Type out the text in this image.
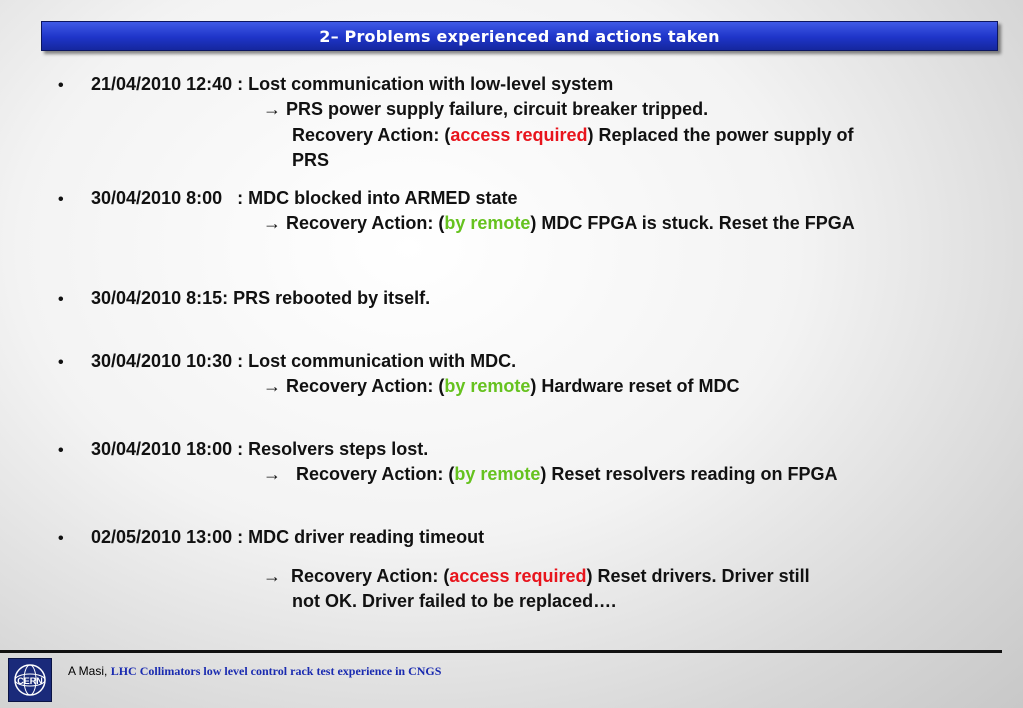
2– Problems experienced and actions taken
• 21/04/2010 12:40 : Lost communication with low-level system
→ PRS power supply failure, circuit breaker tripped.
Recovery Action: (access required) Replaced the power supply of
PRS
• 30/04/2010 8:00   : MDC blocked into ARMED state
→ Recovery Action: (by remote) MDC FPGA is stuck. Reset the FPGA
• 30/04/2010 8:15: PRS rebooted by itself.
• 30/04/2010 10:30 : Lost communication with MDC.
→ Recovery Action: (by remote) Hardware reset of MDC
• 30/04/2010 18:00 : Resolvers steps lost.
→ Recovery Action: (by remote) Reset resolvers reading on FPGA
• 02/05/2010 13:00 : MDC driver reading timeout
→ Recovery Action: (access required) Reset drivers. Driver still
not OK. Driver failed to be replaced….
CERN
A Masi, LHC Collimators low level control rack test experience in CNGS
